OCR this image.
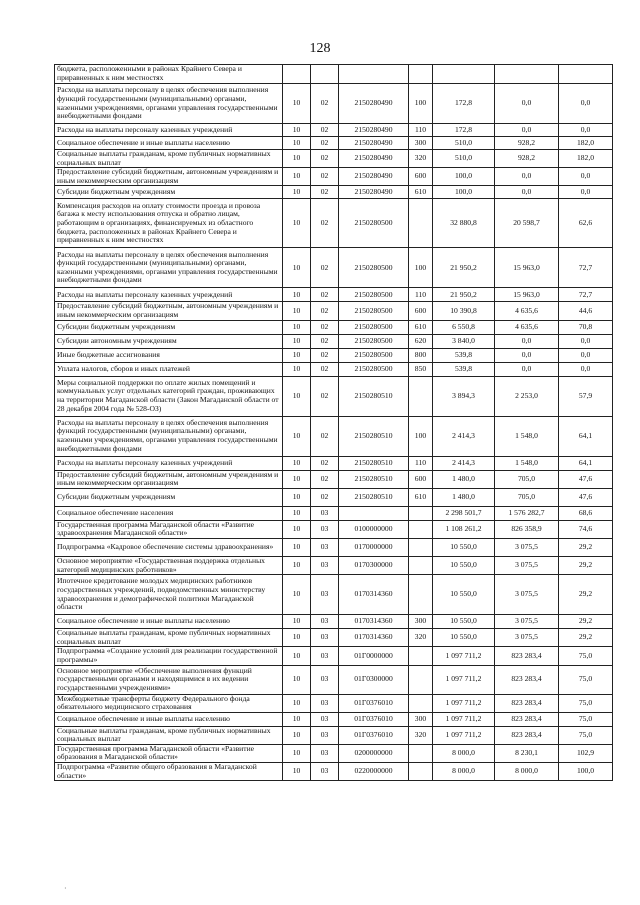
128
бюджета, расположенными в районах Крайнего Севера и приравненных к ним местностях							
Расходы на выплаты персоналу в целях обеспечения выполнения функций государственными (муниципальными) органами, казенными учреждениями, органами управления государственными внебюджетными фондами	10	02	2150280490	100	172,8	0,0	0,0
Расходы на выплаты персоналу казенных учреждений	10	02	2150280490	110	172,8	0,0	0,0
Социальное обеспечение и иные выплаты населению	10	02	2150280490	300	510,0	928,2	182,0
Социальные выплаты гражданам, кроме публичных нормативных социальных выплат	10	02	2150280490	320	510,0	928,2	182,0
Предоставление субсидий бюджетным, автономным учреждениям и иным некоммерческим организациям	10	02	2150280490	600	100,0	0,0	0,0
Субсидии бюджетным учреждениям	10	02	2150280490	610	100,0	0,0	0,0
Компенсация расходов на оплату стоимости проезда и провоза багажа к месту использования отпуска и обратно лицам, работающим в организациях, финансируемых из областного бюджета, расположенных в районах Крайнего Севера и приравненных к ним местностях	10	02	2150280500		32 880,8	20 598,7	62,6
Расходы на выплаты персоналу в целях обеспечения выполнения функций государственными (муниципальными) органами, казенными учреждениями, органами управления государственными внебюджетными фондами	10	02	2150280500	100	21 950,2	15 963,0	72,7
Расходы на выплаты персоналу казенных учреждений	10	02	2150280500	110	21 950,2	15 963,0	72,7
Предоставление субсидий бюджетным, автономным учреждениям и иным некоммерческим организациям	10	02	2150280500	600	10 390,8	4 635,6	44,6
Субсидии бюджетным учреждениям	10	02	2150280500	610	6 550,8	4 635,6	70,8
Субсидии автономным учреждениям	10	02	2150280500	620	3 840,0	0,0	0,0
Иные бюджетные ассигнования	10	02	2150280500	800	539,8	0,0	0,0
Уплата налогов, сборов и иных платежей	10	02	2150280500	850	539,8	0,0	0,0
Меры социальной поддержки по оплате жилых помещений и коммунальных услуг отдельных категорий граждан, проживающих на территории Магаданской области (Закон Магаданской области от 28 декабря 2004 года № 528-ОЗ)	10	02	2150280510		3 894,3	2 253,0	57,9
Расходы на выплаты персоналу в целях обеспечения выполнения функций государственными (муниципальными) органами, казенными учреждениями, органами управления государственными внебюджетными фондами	10	02	2150280510	100	2 414,3	1 548,0	64,1
Расходы на выплаты персоналу казенных учреждений	10	02	2150280510	110	2 414,3	1 548,0	64,1
Предоставление субсидий бюджетным, автономным учреждениям и иным некоммерческим организациям	10	02	2150280510	600	1 480,0	705,0	47,6
Субсидии бюджетным учреждениям	10	02	2150280510	610	1 480,0	705,0	47,6
Социальное обеспечение населения	10	03			2 298 501,7	1 576 282,7	68,6
Государственная программа Магаданской области «Развитие здравоохранения Магаданской области»	10	03	0100000000		1 108 261,2	826 358,9	74,6
Подпрограмма «Кадровое обеспечение системы здравоохранения»	10	03	0170000000		10 550,0	3 075,5	29,2
Основное мероприятие «Государственная поддержка отдельных категорий медицинских работников»	10	03	0170300000		10 550,0	3 075,5	29,2
Ипотечное кредитование молодых медицинских работников государственных учреждений, подведомственных министерству здравоохранения и демографической политики Магаданской области	10	03	0170314360		10 550,0	3 075,5	29,2
Социальное обеспечение и иные выплаты населению	10	03	0170314360	300	10 550,0	3 075,5	29,2
Социальные выплаты гражданам, кроме публичных нормативных социальных выплат	10	03	0170314360	320	10 550,0	3 075,5	29,2
Подпрограмма «Создание условий для реализации государственной программы»	10	03	01Г0000000		1 097 711,2	823 283,4	75,0
Основное мероприятие «Обеспечение выполнения функций государственными органами и находящимися в их ведении государственными учреждениями»	10	03	01Г0300000		1 097 711,2	823 283,4	75,0
Межбюджетные трансферты бюджету Федерального фонда обязательного медицинского страхования	10	03	01Г0376010		1 097 711,2	823 283,4	75,0
Социальное обеспечение и иные выплаты населению	10	03	01Г0376010	300	1 097 711,2	823 283,4	75,0
Социальные выплаты гражданам, кроме публичных нормативных социальных выплат	10	03	01Г0376010	320	1 097 711,2	823 283,4	75,0
Государственная программа Магаданской области «Развитие образования в Магаданской области»	10	03	0200000000		8 000,0	8 230,1	102,9
Подпрограмма «Развитие общего образования в Магаданской области»	10	03	0220000000		8 000,0	8 000,0	100,0
·
